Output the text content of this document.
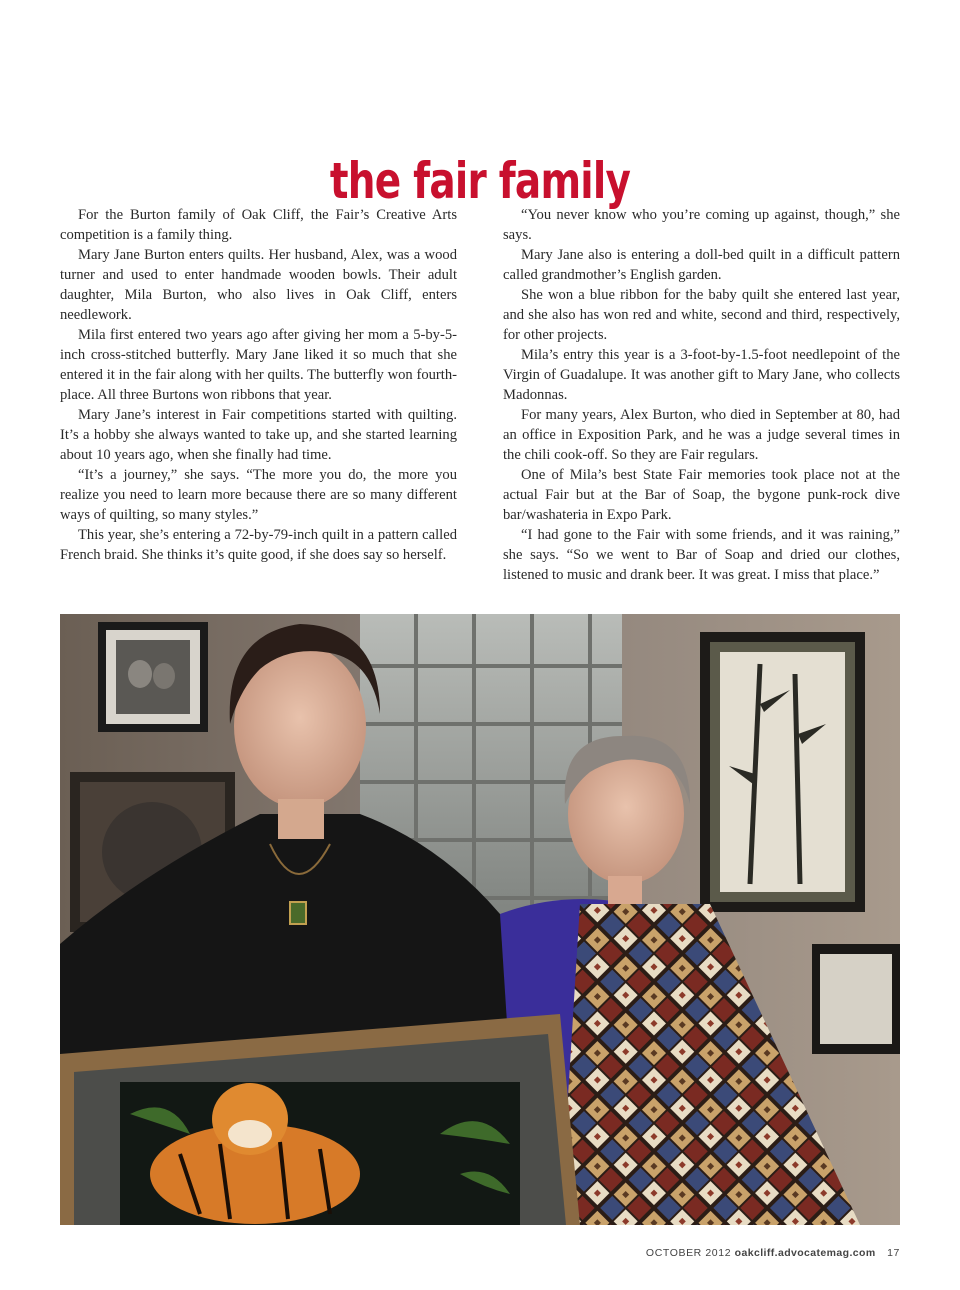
the fair family

For the Burton family of Oak Cliff, the Fair’s Creative Arts competition is a family thing.

Mary Jane Burton enters quilts. Her husband, Alex, was a wood turner and used to enter handmade wooden bowls. Their adult daughter, Mila Burton, who also lives in Oak Cliff, enters needlework.

Mila first entered two years ago after giving her mom a 5-by-5-inch cross-stitched butterfly. Mary Jane liked it so much that she entered it in the fair along with her quilts. The butterfly won fourth-place. All three Burtons won ribbons that year.

Mary Jane’s interest in Fair competitions started with quilting. It’s a hobby she always wanted to take up, and she started learning about 10 years ago, when she finally had time.

“It’s a journey,” she says. “The more you do, the more you realize you need to learn more because there are so many different ways of quilting, so many styles.”

This year, she’s entering a 72-by-79-inch quilt in a pattern called French braid. She thinks it’s quite good, if she does say so herself.

“You never know who you’re coming up against, though,” she says.

Mary Jane also is entering a doll-bed quilt in a difficult pattern called grandmother’s English garden.

She won a blue ribbon for the baby quilt she entered last year, and she also has won red and white, second and third, respectively, for other projects.

Mila’s entry this year is a 3-foot-by-1.5-foot needlepoint of the Virgin of Guadalupe. It was another gift to Mary Jane, who collects Madonnas.

For many years, Alex Burton, who died in September at 80, had an office in Exposition Park, and he was a judge several times in the chili cook-off. So they are Fair regulars.

One of Mila’s best State Fair memories took place not at the actual Fair but at the Bar of Soap, the bygone punk-rock dive bar/washateria in Expo Park.

“I had gone to the Fair with some friends, and it was raining,” she says. “So we went to Bar of Soap and dried our clothes, listened to music and drank beer. It was great. I miss that place.”

OCTOBER 2012 oakcliff.advocatemag.com 17
